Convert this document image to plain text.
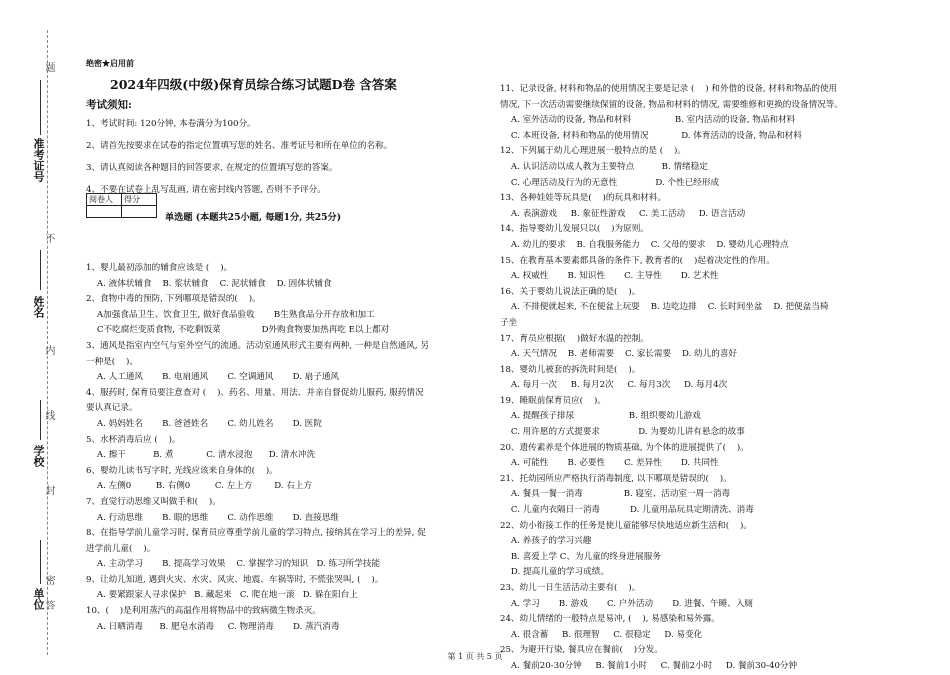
准考证号
姓名
学校
单位
题
不
内
线
封
密
答
绝密★启用前
2024年四级(中级)保育员综合练习试题D卷 含答案
考试须知:
1、考试时间: 120分钟, 本卷满分为100分。
2、请首先按要求在试卷的指定位置填写您的姓名、准考证号和所在单位的名称。
3、请认真阅读各种题目的回答要求, 在规定的位置填写您的答案。
4、不要在试卷上乱写乱画, 请在密封线内答题, 否则不予评分。
阅卷人	得分

单选题 (本题共25小题, 每题1分, 共25分)
1、婴儿最初添加的辅食应该是 (    )。
A. 液体状辅食    B. 浆状辅食    C. 泥状辅食    D. 固体状辅食
2、食物中毒的预防, 下列哪项是错误的(    )。
A加强食品卫生、饮食卫生, 做好食品验收       B生熟食品分开存放和加工
C不吃腐烂变质食物, 不吃剩饭菜               D外购食物要加热再吃 E以上都对
3、通风是指室内空气与室外空气的流通。活动室通风形式主要有两种, 一种是自然通风, 另
一种是(    )。
A. 人工通风       B. 电扇通风       C. 空调通风       D. 扇子通风
4、服药时, 保育员要注意查对 (    )、药名、用量、用法、并亲自督促幼儿服药, 服药情况
要认真记录。
A. 妈妈姓名       B. 爸爸姓名       C. 幼儿姓名       D. 医院
5、水杯消毒后应 (    )。
A. 擦干          B. 煮            C. 清水浸泡      D. 清水冲洗
6、婴幼儿读书写字时, 光线应该来自身体的(    )。
A. 左侧0         B. 右侧0         C. 左上方        D. 右上方
7、直觉行动思维又叫做手和(    )。
A. 行动思维       B. 眼的思维       C. 动作思维       D. 直接思维
8、在指导学前儿童学习时, 保育员应尊重学前儿童的学习特点, 接纳其在学习上的差异, 促
进学前儿童(    )。
A. 主动学习       B. 提高学习效果    C. 掌握学习的知识   D. 练习所学技能
9、让幼儿知道, 遇到火灾、水灾、风灾、地震、车祸等时, 不慌张哭叫, (    )。
A. 要紧跟家人寻求保护   B. 藏起来   C. 爬在地一滚   D. 躲在阳台上
10、(    )是利用蒸汽的高温作用将物品中的致病微生物杀灭。
A. 日晒消毒      B. 肥皂水消毒     C. 物理消毒       D. 蒸汽消毒
11、记录设备, 材料和物品的使用情况主要是记录 (    ) 和外借的设备, 材料和物品的使用
情况, 下一次活动需要继续保留的设备, 物品和材料的情况, 需要维修和更换的设备情况等。
A. 室外活动的设备, 物品和材料                B. 室内活动的设备, 物品和材料
C. 本班设备, 材料和物品的使用情况            D. 体育活动的设备, 物品和材料
12、下列属于幼儿心理进展一般特点的是 (    )。
A. 认识活动以成人教为主要特点          B. 情绪稳定
C. 心理活动及行为的无意性              D. 个性已经形成
13、各种娃娃等玩具是(    )的玩具和材料。
A. 表演游戏     B. 象征性游戏     C. 美工活动     D. 语言活动
14、指导婴幼儿发展只以(    )为原则。
A. 幼儿的要求    B. 自我服务能力    C. 父母的要求    D. 婴幼儿心理特点
15、在教育基本要素都具备的条件下, 教育者的(    )起着决定性的作用。
A. 权威性       B. 知识性       C. 主导性       D. 艺术性
16、关于婴幼儿说法正确的是(    )。
A. 不排便就起来, 不在便盆上玩耍    B. 边吃边排    C. 长时间坐盆    D. 把便盆当椅
子坐
17、育员应根据(    )做好水温的控制。
A. 天气情况    B. 老师需要    C. 家长需要    D. 幼儿的喜好
18、婴幼儿被套的拆洗时间是(    )。
A. 每月一次     B. 每月2次     C. 每月3次     D. 每月4次
19、睡眠前保育员应(    )。
A. 提醒孩子排尿                    B. 组织婴幼儿游戏
C. 用许愿的方式提要求              D. 为婴幼儿讲有悬念的故事
20、遗传素养是个体进展的物质基础, 为个体的进展提供了(    )。
A. 可能性       B. 必要性       C. 差异性       D. 共同性
21、托幼园所应严格执行消毒制度, 以下哪项是错误的(    )。
A. 餐具一餐一消毒               B. 寝室、活动室一周一消毒
C. 儿童内衣隔日一消毒           D. 儿童用品玩具定期清洗、消毒
22、幼小衔接工作的任务是使儿童能够尽快地适应新生活和(    )。
A. 养孩子的学习兴趣
B. 喜爱上学 C、为儿童的终身进展服务
D. 提高儿童的学习成绩。
23、幼儿一日生活活动主要有(    )。
A. 学习       B. 游戏       C. 户外活动       D. 进餐、午睡、入厕
24、幼儿情绪的一般特点是易冲, (    ), 易感染和易外露。
A. 很含蓄     B. 很理智     C. 很稳定     D. 易变化
25、为避开行染, 餐具应在餐前(    )分发。
A. 餐前20-30分钟     B. 餐前1小时     C. 餐前2小时     D. 餐前30-40分钟
第 1 页 共 5 页
